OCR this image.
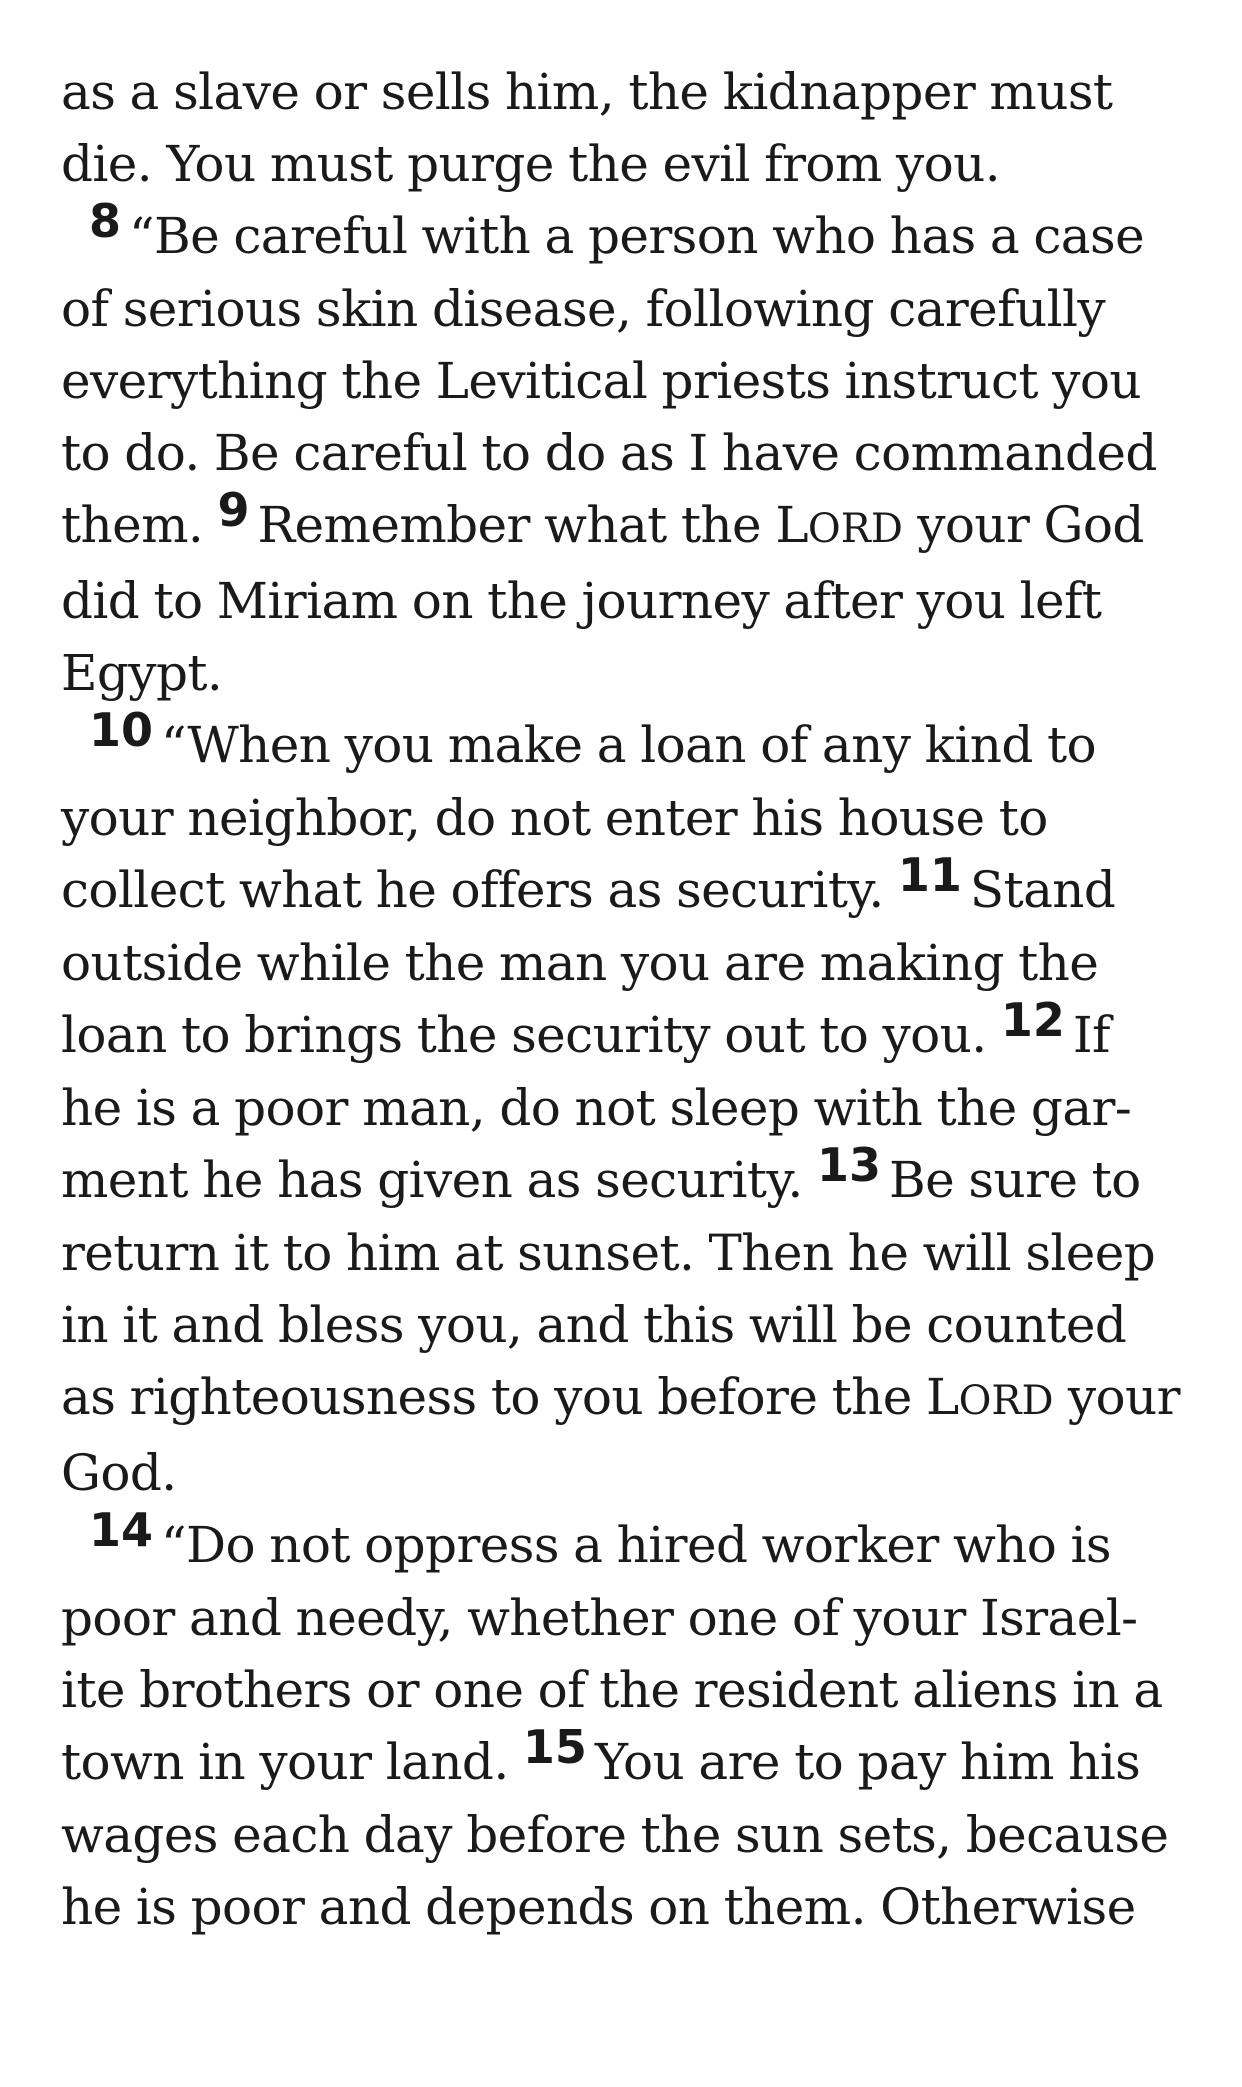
as a slave or sells him, the kidnapper must
die. You must purge the evil from you.
8 “Be careful with a person who has a case
of serious skin disease, following carefully
everything the Levitical priests instruct you
to do. Be careful to do as I have commanded
them. 9 Remember what the LORD your God
did to Miriam on the journey after you left
Egypt.
10 “When you make a loan of any kind to
your neighbor, do not enter his house to
collect what he offers as security. 11 Stand
outside while the man you are making the
loan to brings the security out to you. 12 If
he is a poor man, do not sleep with the gar-
ment he has given as security. 13 Be sure to
return it to him at sunset. Then he will sleep
in it and bless you, and this will be counted
as righteousness to you before the LORD your
God.
14 “Do not oppress a hired worker who is
poor and needy, whether one of your Israel-
ite brothers or one of the resident aliens in a
town in your land. 15 You are to pay him his
wages each day before the sun sets, because
he is poor and depends on them. Otherwise
